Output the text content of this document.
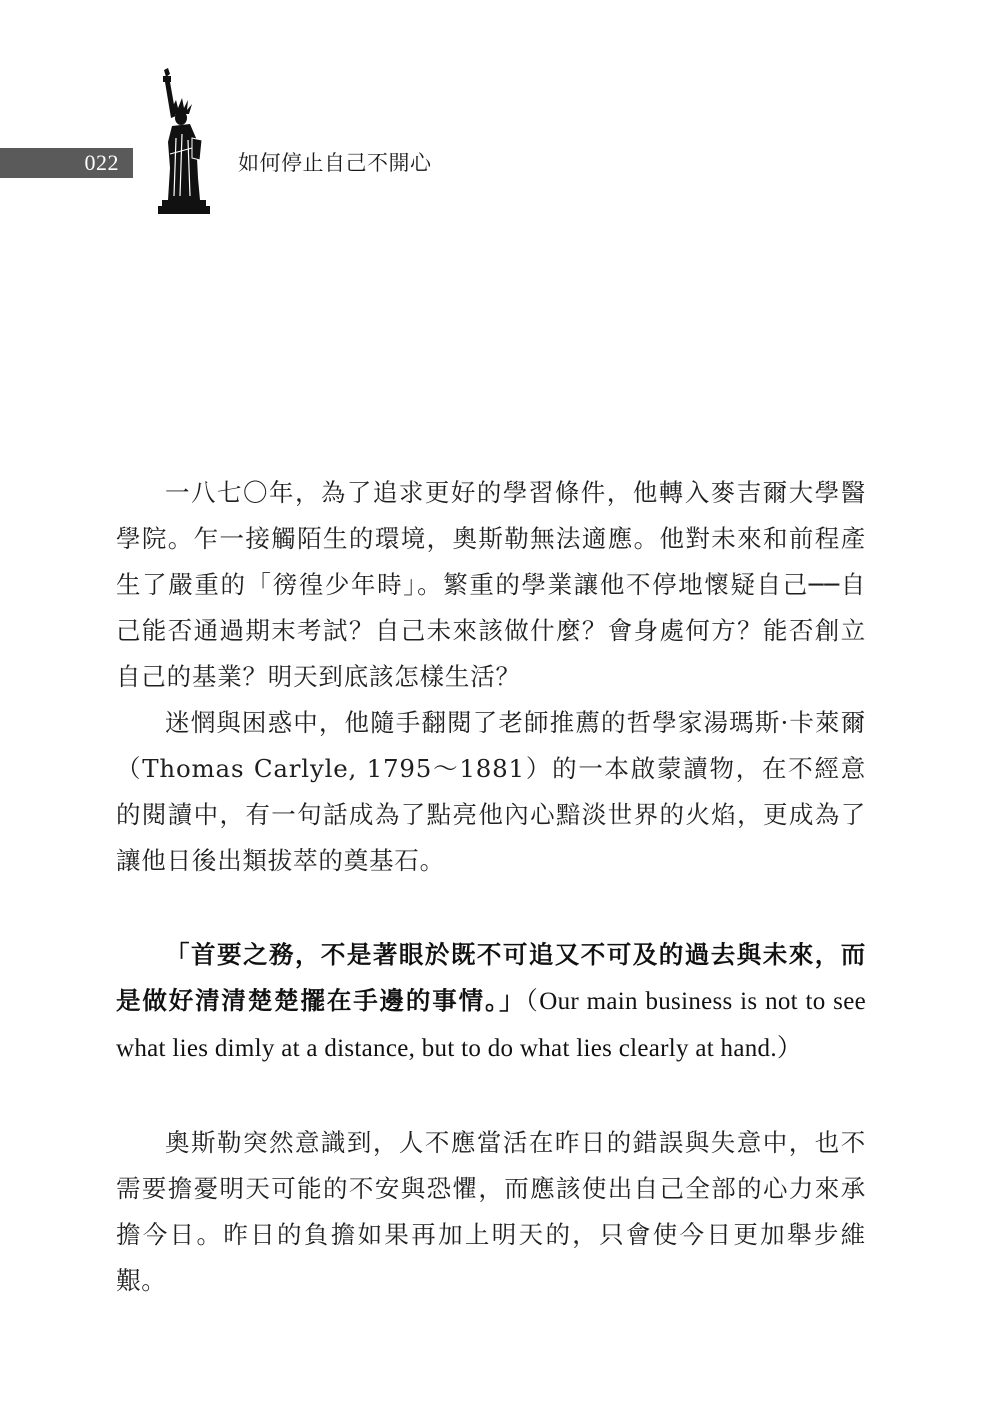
022	如何停止自己不開心

一八七〇年，為了追求更好的學習條件，他轉入麥吉爾大學醫學院。乍一接觸陌生的環境，奧斯勒無法適應。他對未來和前程產生了嚴重的「徬徨少年時」。繁重的學業讓他不停地懷疑自己──自己能否通過期末考試？自己未來該做什麼？會身處何方？能否創立自己的基業？明天到底該怎樣生活？

迷惘與困惑中，他隨手翻閱了老師推薦的哲學家湯瑪斯·卡萊爾（Thomas Carlyle, 1795～1881）的一本啟蒙讀物，在不經意的閱讀中，有一句話成為了點亮他內心黯淡世界的火焰，更成為了讓他日後出類拔萃的奠基石。

「首要之務，不是著眼於既不可追又不可及的過去與未來，而是做好清清楚楚擺在手邊的事情。」（Our main business is not to see what lies dimly at a distance, but to do what lies clearly at hand.）

奧斯勒突然意識到，人不應當活在昨日的錯誤與失意中，也不需要擔憂明天可能的不安與恐懼，而應該使出自己全部的心力來承擔今日。昨日的負擔如果再加上明天的，只會使今日更加舉步維艱。
